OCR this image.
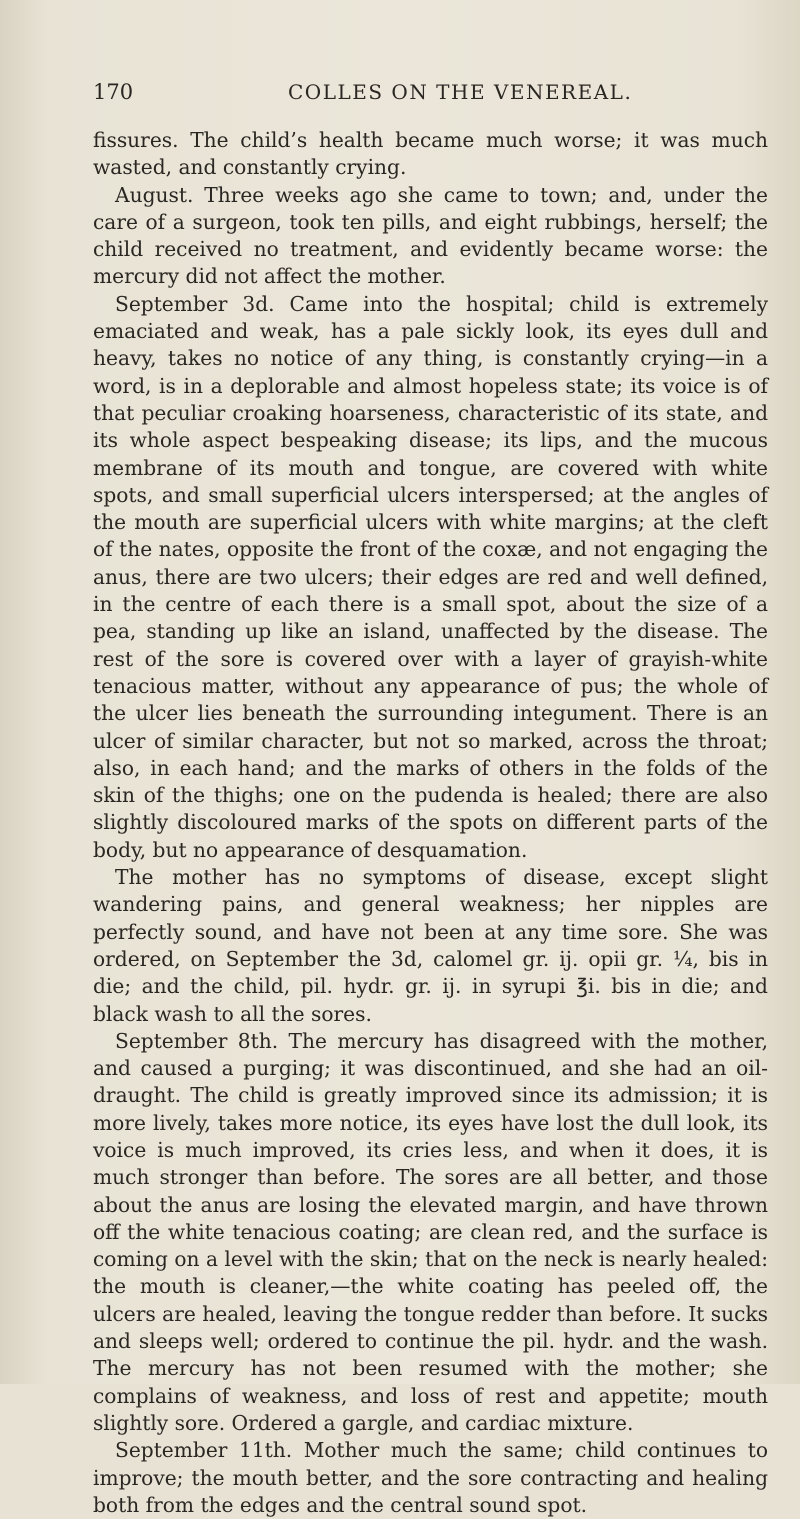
170	COLLES ON THE VENEREAL.

fissures. The child’s health became much worse; it was much wasted, and constantly crying.

August. Three weeks ago she came to town; and, under the care of a surgeon, took ten pills, and eight rubbings, herself; the child received no treatment, and evidently became worse: the mercury did not affect the mother.

September 3d. Came into the hospital; child is extremely emaciated and weak, has a pale sickly look, its eyes dull and heavy, takes no notice of any thing, is constantly crying—in a word, is in a deplorable and almost hopeless state; its voice is of that peculiar croaking hoarseness, characteristic of its state, and its whole aspect bespeaking disease; its lips, and the mucous membrane of its mouth and tongue, are covered with white spots, and small superficial ulcers interspersed; at the angles of the mouth are superficial ulcers with white margins; at the cleft of the nates, opposite the front of the coxæ, and not engaging the anus, there are two ulcers; their edges are red and well defined, in the centre of each there is a small spot, about the size of a pea, standing up like an island, unaffected by the disease. The rest of the sore is covered over with a layer of grayish-white tenacious matter, without any appearance of pus; the whole of the ulcer lies beneath the surrounding integument. There is an ulcer of similar character, but not so marked, across the throat; also, in each hand; and the marks of others in the folds of the skin of the thighs; one on the pudenda is healed; there are also slightly discoloured marks of the spots on different parts of the body, but no appearance of desquamation.

The mother has no symptoms of disease, except slight wandering pains, and general weakness; her nipples are perfectly sound, and have not been at any time sore. She was ordered, on September the 3d, calomel gr. ij. opii gr. ¼, bis in die; and the child, pil. hydr. gr. ij. in syrupi ℥i. bis in die; and black wash to all the sores.

September 8th. The mercury has disagreed with the mother, and caused a purging; it was discontinued, and she had an oil-draught. The child is greatly improved since its admission; it is more lively, takes more notice, its eyes have lost the dull look, its voice is much improved, its cries less, and when it does, it is much stronger than before. The sores are all better, and those about the anus are losing the elevated margin, and have thrown off the white tenacious coating; are clean red, and the surface is coming on a level with the skin; that on the neck is nearly healed: the mouth is cleaner,—the white coating has peeled off, the ulcers are healed, leaving the tongue redder than before. It sucks and sleeps well; ordered to continue the pil. hydr. and the wash. The mercury has not been resumed with the mother; she complains of weakness, and loss of rest and appetite; mouth slightly sore. Ordered a gargle, and cardiac mixture.

September 11th. Mother much the same; child continues to improve; the mouth better, and the sore contracting and healing both from the edges and the central sound spot.
